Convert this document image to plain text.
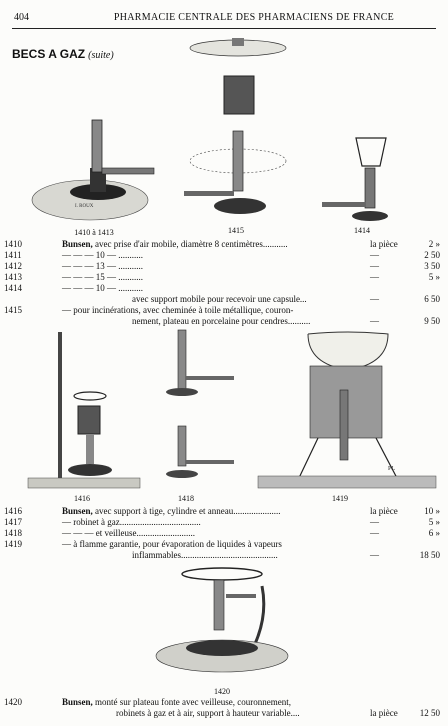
404	PHARMACIE CENTRALE DES PHARMACIENS DE FRANCE
BECS A GAZ (suite)
I. ROUX
1410 à 1413	1415	1414
1410	Bunsen, avec prise d'air mobile, diamètre 8 centimètres...........	la pièce	2 »
1411	— — — 10 — ...........	—	2 50
1412	— — — 13 — ...........	—	3 50
1413	— — — 15 — ...........	—	5 »
1414	— — — 10 — ...........
avec support mobile pour recevoir une capsule...	—	6 50
1415	— pour incinérations, avec cheminée à toile métallique, couron-
nement, plateau en porcelaine pour cendres..........	—	9 50
PL
1416	1418	1419
1416	Bunsen, avec support à tige, cylindre et anneau.....................	la pièce	10 »
1417	— robinet à gaz....................................	—	5 »
1418	— — — et veilleuse..........................	—	6 »
1419	— à flamme garantie, pour évaporation de liquides à vapeurs
inflammables...........................................	—	18 50
1420
1420	Bunsen, monté sur plateau fonte avec veilleuse, couronnement,
robinets à gaz et à air, support à hauteur variable....	la pièce	12 50
